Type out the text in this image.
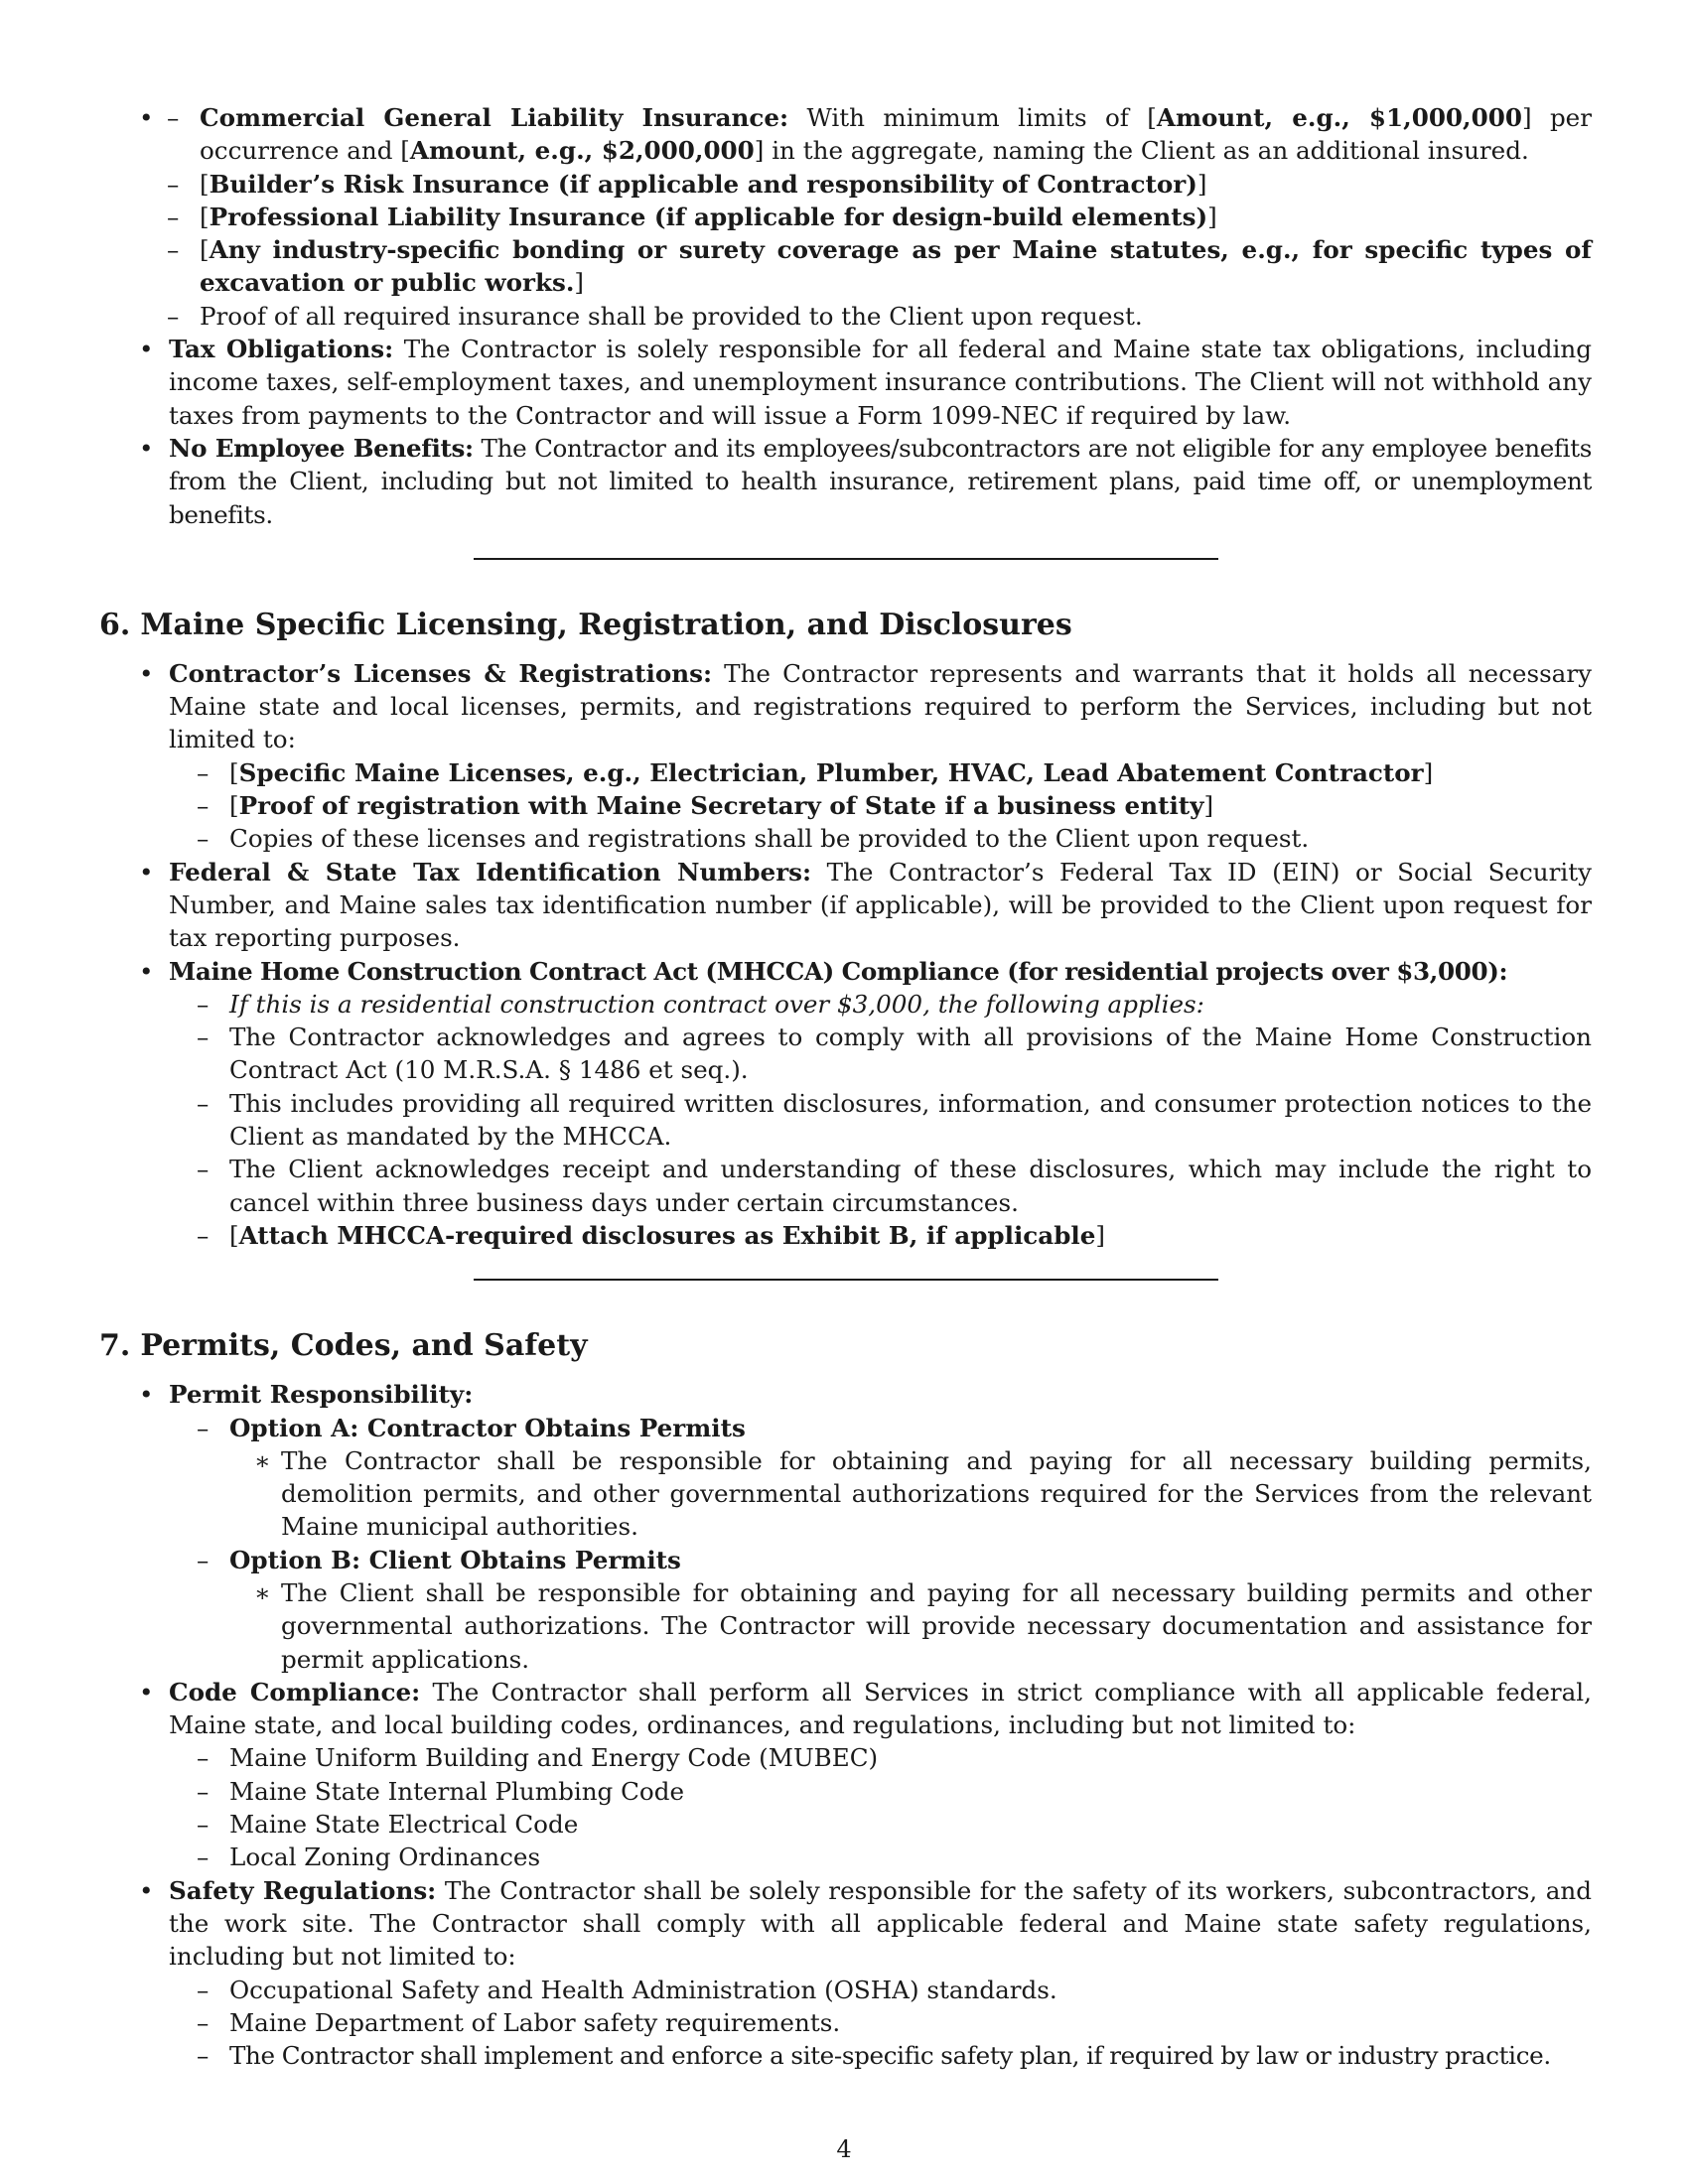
– • Commercial General Liability Insurance: With minimum limits of [Amount, e.g., $1,000,000] per occurrence and [Amount, e.g., $2,000,000] in the aggregate, naming the Client as an additional insured.
– [Builder’s Risk Insurance (if applicable and responsibility of Contractor)]
– [Professional Liability Insurance (if applicable for design-build elements)]
– [Any industry-specific bonding or surety coverage as per Maine statutes, e.g., for specific types of excavation or public works.]
– Proof of all required insurance shall be provided to the Client upon request.
• Tax Obligations: The Contractor is solely responsible for all federal and Maine state tax obligations, including income taxes, self-employment taxes, and unemployment insurance contributions. The Client will not withhold any taxes from payments to the Contractor and will issue a Form 1099-NEC if required by law.
• No Employee Benefits: The Contractor and its employees/subcontractors are not eligible for any employee benefits from the Client, including but not limited to health insurance, retirement plans, paid time off, or unemployment benefits.
6. Maine Specific Licensing, Registration, and Disclosures
• Contractor’s Licenses & Registrations: The Contractor represents and warrants that it holds all necessary Maine state and local licenses, permits, and registrations required to perform the Services, including but not limited to:
– [Specific Maine Licenses, e.g., Electrician, Plumber, HVAC, Lead Abatement Contractor]
– [Proof of registration with Maine Secretary of State if a business entity]
– Copies of these licenses and registrations shall be provided to the Client upon request.
• Federal & State Tax Identification Numbers: The Contractor’s Federal Tax ID (EIN) or Social Security Number, and Maine sales tax identification number (if applicable), will be provided to the Client upon request for tax reporting purposes.
• Maine Home Construction Contract Act (MHCCA) Compliance (for residential projects over $3,000):
– If this is a residential construction contract over $3,000, the following applies:
– The Contractor acknowledges and agrees to comply with all provisions of the Maine Home Construction Contract Act (10 M.R.S.A. § 1486 et seq.).
– This includes providing all required written disclosures, information, and consumer protection notices to the Client as mandated by the MHCCA.
– The Client acknowledges receipt and understanding of these disclosures, which may include the right to cancel within three business days under certain circumstances.
– [Attach MHCCA-required disclosures as Exhibit B, if applicable]
7. Permits, Codes, and Safety
• Permit Responsibility:
– Option A: Contractor Obtains Permits
∗ The Contractor shall be responsible for obtaining and paying for all necessary building permits, demolition permits, and other governmental authorizations required for the Services from the relevant Maine municipal authorities.
– Option B: Client Obtains Permits
∗ The Client shall be responsible for obtaining and paying for all necessary building permits and other governmental authorizations. The Contractor will provide necessary documentation and assistance for permit applications.
• Code Compliance: The Contractor shall perform all Services in strict compliance with all applicable federal, Maine state, and local building codes, ordinances, and regulations, including but not limited to:
– Maine Uniform Building and Energy Code (MUBEC)
– Maine State Internal Plumbing Code
– Maine State Electrical Code
– Local Zoning Ordinances
• Safety Regulations: The Contractor shall be solely responsible for the safety of its workers, subcontractors, and the work site. The Contractor shall comply with all applicable federal and Maine state safety regulations, including but not limited to:
– Occupational Safety and Health Administration (OSHA) standards.
– Maine Department of Labor safety requirements.
– The Contractor shall implement and enforce a site-specific safety plan, if required by law or industry practice.
4
